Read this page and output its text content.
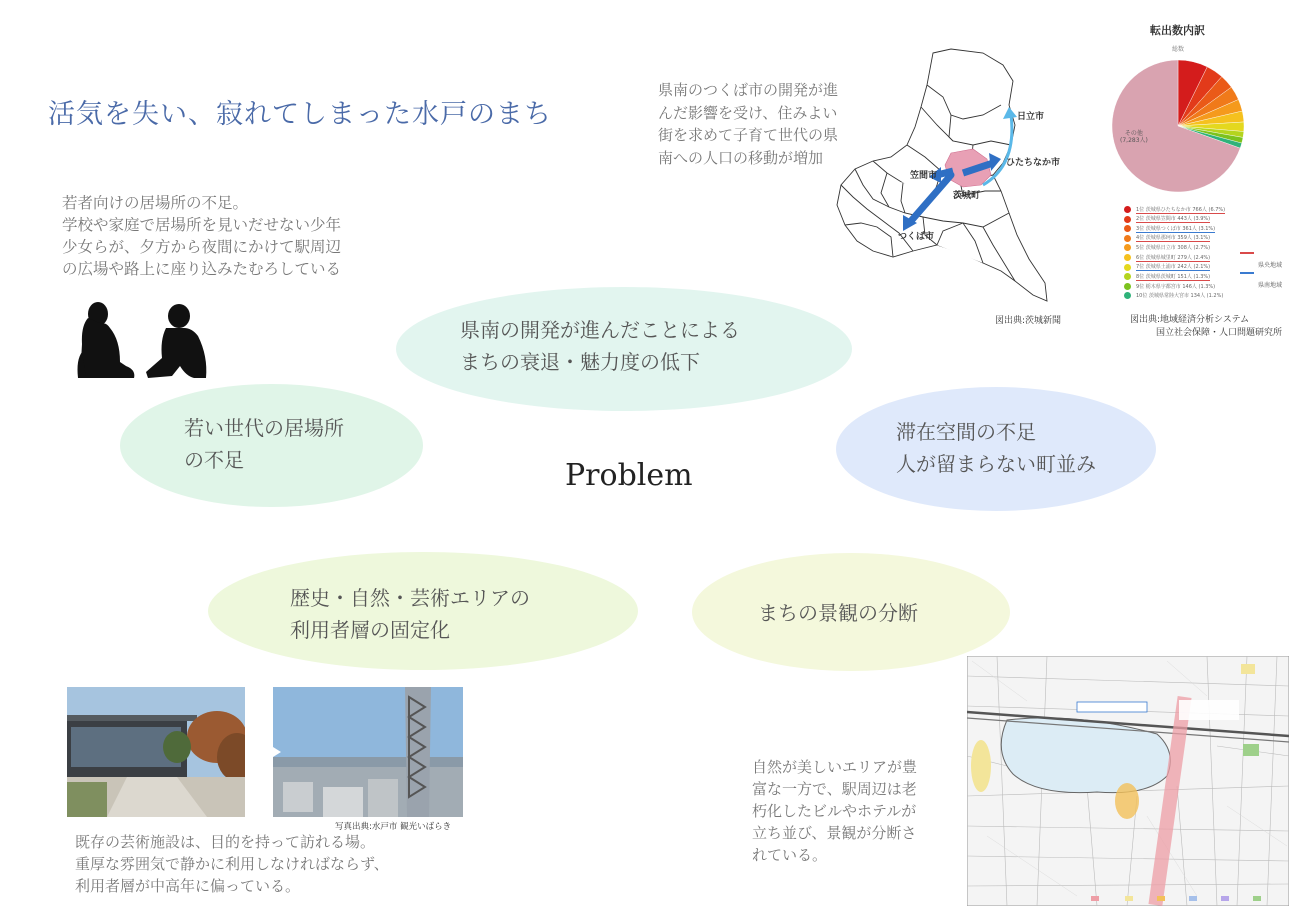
活気を失い、寂れてしまった水戸のまち
若者向けの居場所の不足。
学校や家庭で居場所を見いだせない少年
少女らが、夕方から夜間にかけて駅周辺
の広場や路上に座り込みたむろしている
県南のつくば市の開発が進
んだ影響を受け、住みよい
街を求めて子育て世代の県
南への人口の移動が増加
日立市
ひたちなか市
笠間市
茨城町
つくば市
図出典:茨城新聞
転出数内訳
総数
その他
(7,283人)
1位 茨城県ひたちなか市 766人 (6.7%)
2位 茨城県笠間市 443人 (3.9%)
3位 茨城県つくば市 361人 (3.1%)
4位 茨城県那珂市 359人 (3.1%)
5位 茨城県日立市 308人 (2.7%)
6位 茨城県城里町 279人 (2.4%)
7位 茨城県土浦市 242人 (2.1%)
8位 茨城県茨城町 151人 (1.3%)
9位 栃木県宇都宮市 146人 (1.3%)
10位 茨城県常陸大宮市 134人 (1.2%)
県央地域
県南地域
図出典:地域経済分析システム
国立社会保障・人口問題研究所
県南の開発が進んだことによる
まちの衰退・魅力度の低下
若い世代の居場所
の不足
滞在空間の不足
人が留まらない町並み
Problem
歴史・自然・芸術エリアの
利用者層の固定化
まちの景観の分断
写真出典:水戸市 観光いばらき
既存の芸術施設は、目的を持って訪れる場。
重厚な雰囲気で静かに利用しなければならず、
利用者層が中高年に偏っている。
自然が美しいエリアが豊
富な一方で、駅周辺は老
朽化したビルやホテルが
立ち並び、景観が分断さ
れている。
